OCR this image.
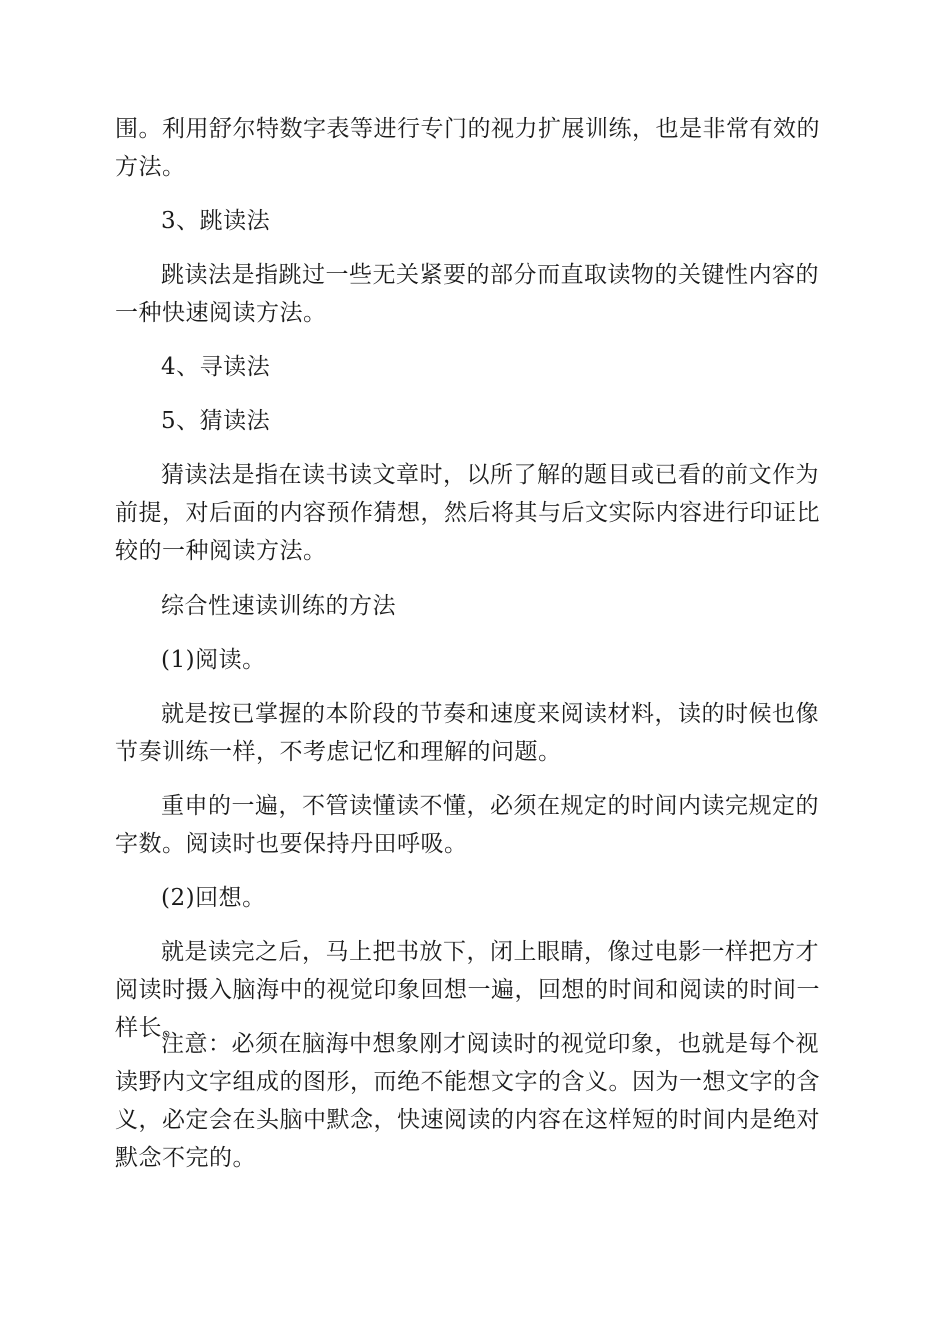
围。利用舒尔特数字表等进行专门的视力扩展训练，也是非常有效的方法。

3、跳读法

跳读法是指跳过一些无关紧要的部分而直取读物的关键性内容的一种快速阅读方法。

4、寻读法

5、猜读法

猜读法是指在读书读文章时，以所了解的题目或已看的前文作为前提，对后面的内容预作猜想，然后将其与后文实际内容进行印证比较的一种阅读方法。

综合性速读训练的方法

(1)阅读。

就是按已掌握的本阶段的节奏和速度来阅读材料，读的时候也像节奏训练一样，不考虑记忆和理解的问题。

重申的一遍，不管读懂读不懂，必须在规定的时间内读完规定的字数。阅读时也要保持丹田呼吸。

(2)回想。

就是读完之后，马上把书放下，闭上眼睛，像过电影一样把方才阅读时摄入脑海中的视觉印象回想一遍，回想的时间和阅读的时间一样长。

注意：必须在脑海中想象刚才阅读时的视觉印象，也就是每个视读野内文字组成的图形，而绝不能想文字的含义。因为一想文字的含义，必定会在头脑中默念，快速阅读的内容在这样短的时间内是绝对默念不完的。
